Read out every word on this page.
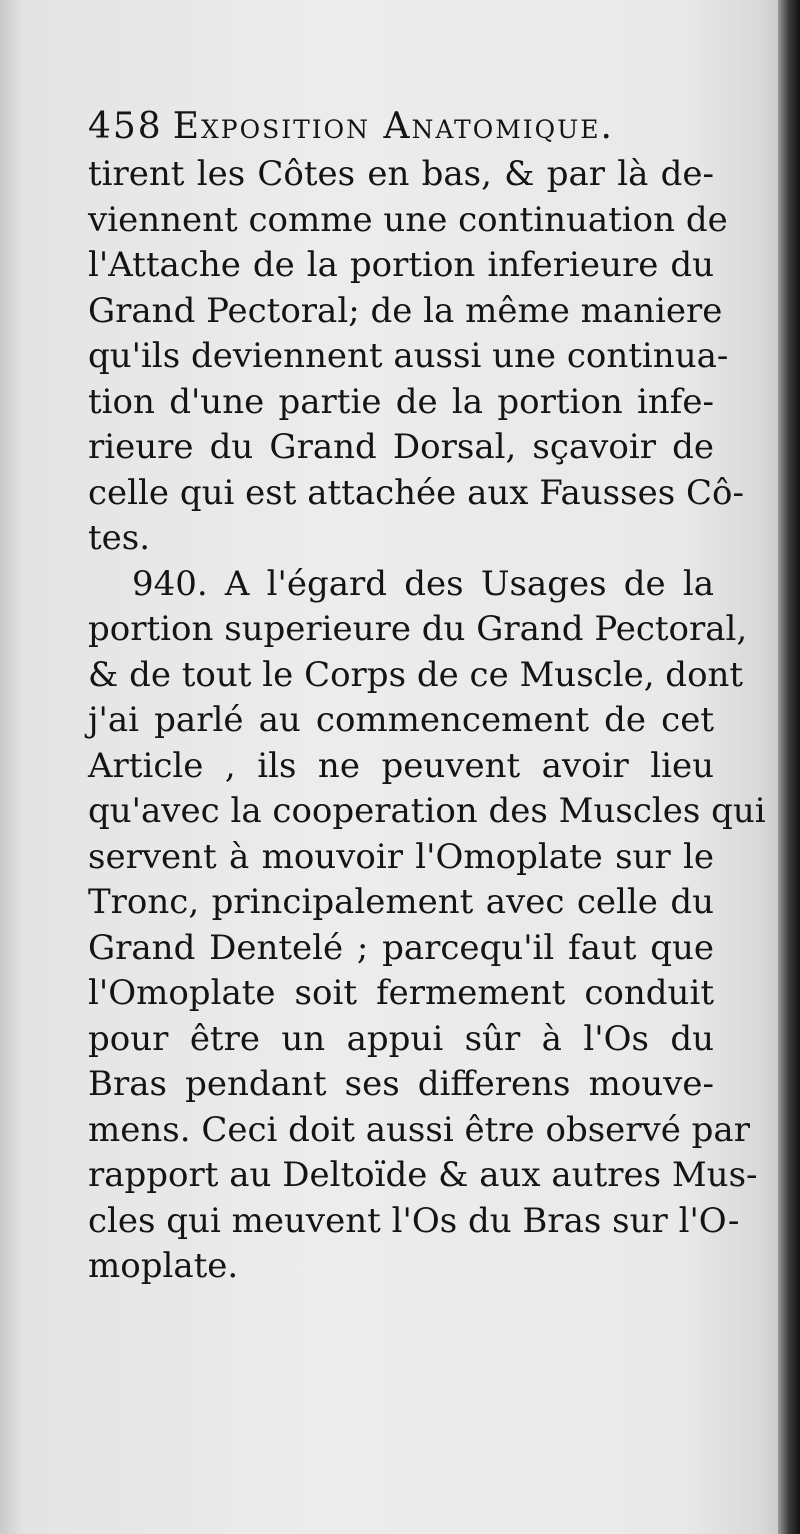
458 Exposition Anatomique.
tirent les Côtes en bas, & par là de-
viennent comme une continuation de
l'Attache de la portion inferieure du
Grand Pectoral; de la même maniere
qu'ils deviennent aussi une continua-
tion d'une partie de la portion infe-
rieure du Grand Dorsal, sçavoir de
celle qui est attachée aux Fausses Cô-
tes.
940. A l'égard des Usages de la
portion superieure du Grand Pectoral,
& de tout le Corps de ce Muscle, dont
j'ai parlé au commencement de cet
Article , ils ne peuvent avoir lieu
qu'avec la cooperation des Muscles qui
servent à mouvoir l'Omoplate sur le
Tronc, principalement avec celle du
Grand Dentelé ; parcequ'il faut que
l'Omoplate soit fermement conduit
pour être un appui sûr à l'Os du
Bras pendant ses differens mouve-
mens. Ceci doit aussi être observé par
rapport au Deltoïde & aux autres Mus-
cles qui meuvent l'Os du Bras sur l'O-
moplate.
